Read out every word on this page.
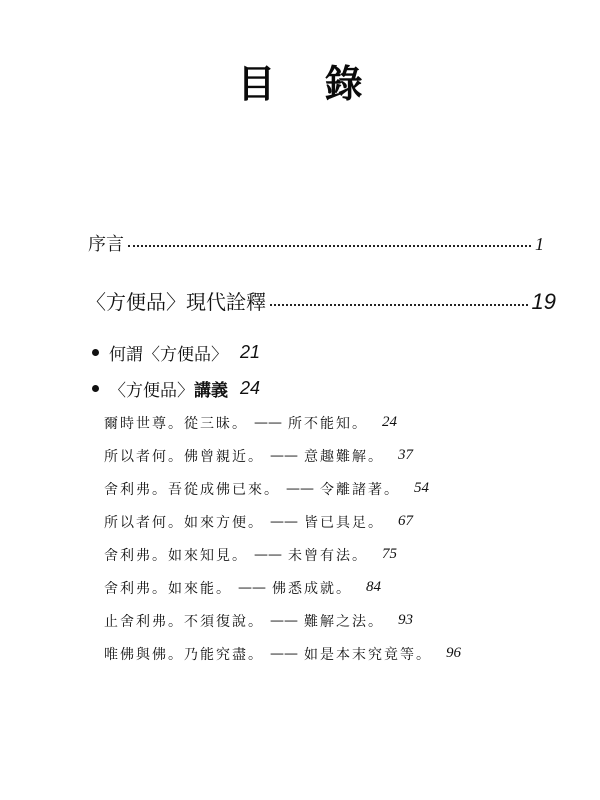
目 錄
序言	1
〈方便品〉現代詮釋	19
何謂〈方便品〉 21
〈方便品〉講義 24
爾時世尊。從三昧。 —— 所不能知。 24
所以者何。佛曾親近。 —— 意趣難解。 37
舍利弗。吾從成佛已來。 —— 令離諸著。 54
所以者何。如來方便。 —— 皆已具足。 67
舍利弗。如來知見。 —— 未曾有法。 75
舍利弗。如來能。 —— 佛悉成就。 84
止舍利弗。不須復說。 —— 難解之法。 93
唯佛與佛。乃能究盡。 —— 如是本末究竟等。 96
